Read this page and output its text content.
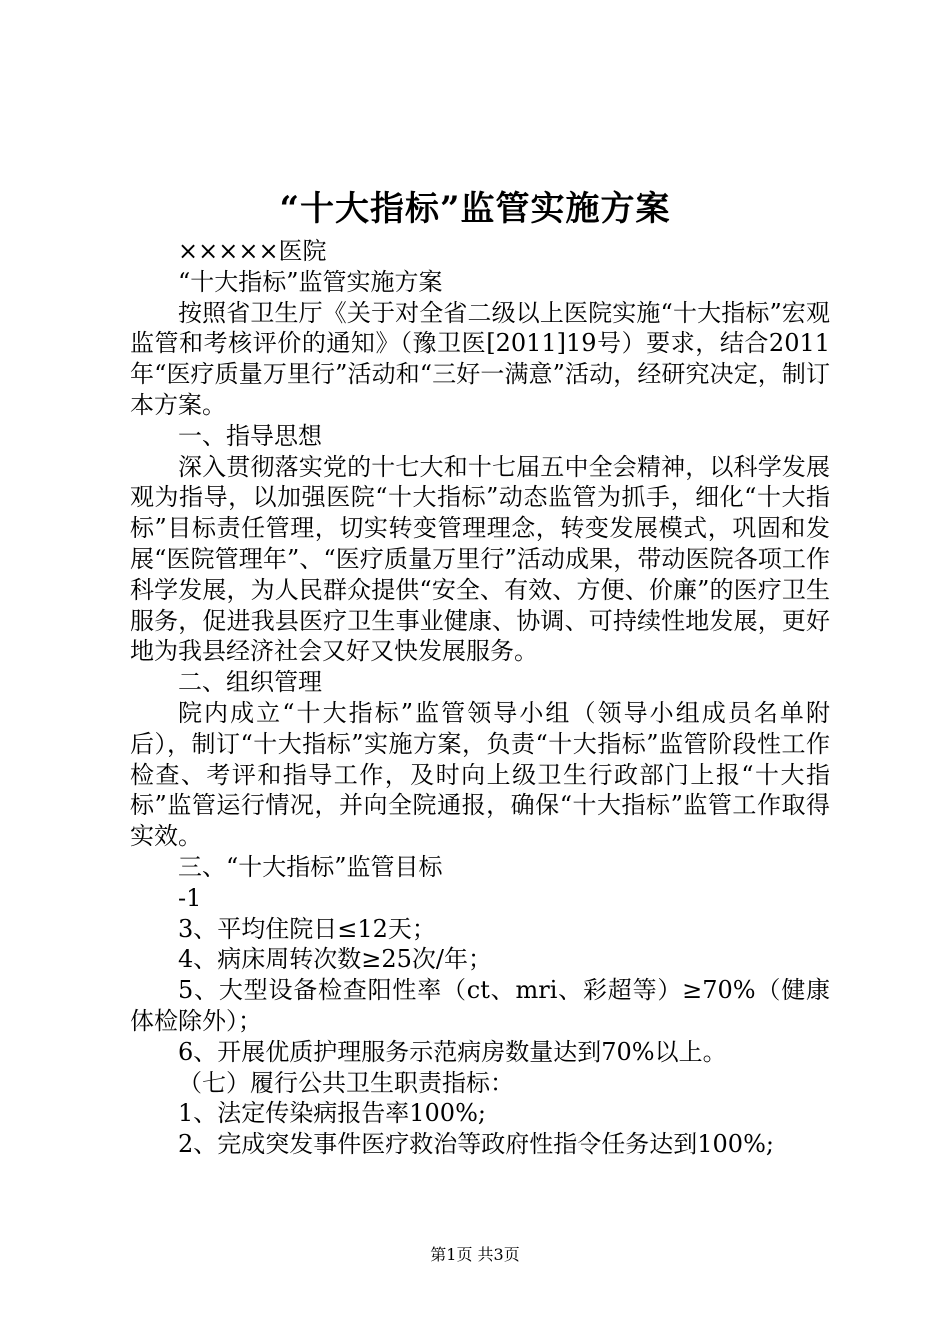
“十大指标”监管实施方案

×××××医院

“十大指标”监管实施方案

按照省卫生厅《关于对全省二级以上医院实施“十大指标”宏观监管和考核评价的通知》（豫卫医[2011]19号）要求，结合2011年“医疗质量万里行”活动和“三好一满意”活动，经研究决定，制订本方案。

一、指导思想

深入贯彻落实党的十七大和十七届五中全会精神，以科学发展观为指导，以加强医院“十大指标”动态监管为抓手，细化“十大指标”目标责任管理，切实转变管理理念，转变发展模式，巩固和发展“医院管理年”、“医疗质量万里行”活动成果，带动医院各项工作科学发展，为人民群众提供“安全、有效、方便、价廉”的医疗卫生服务，促进我县医疗卫生事业健康、协调、可持续性地发展，更好地为我县经济社会又好又快发展服务。

二、组织管理

院内成立“十大指标”监管领导小组（领导小组成员名单附后），制订“十大指标”实施方案，负责“十大指标”监管阶段性工作检查、考评和指导工作，及时向上级卫生行政部门上报“十大指标”监管运行情况，并向全院通报，确保“十大指标”监管工作取得实效。

三、“十大指标”监管目标

-1

3、平均住院日≤12天；

4、病床周转次数≥25次/年；

5、大型设备检查阳性率（ct、mri、彩超等）≥70%（健康体检除外）；

6、开展优质护理服务示范病房数量达到70%以上。

（七）履行公共卫生职责指标：

1、法定传染病报告率100%;

2、完成突发事件医疗救治等政府性指令任务达到100%;

第1页 共3页
